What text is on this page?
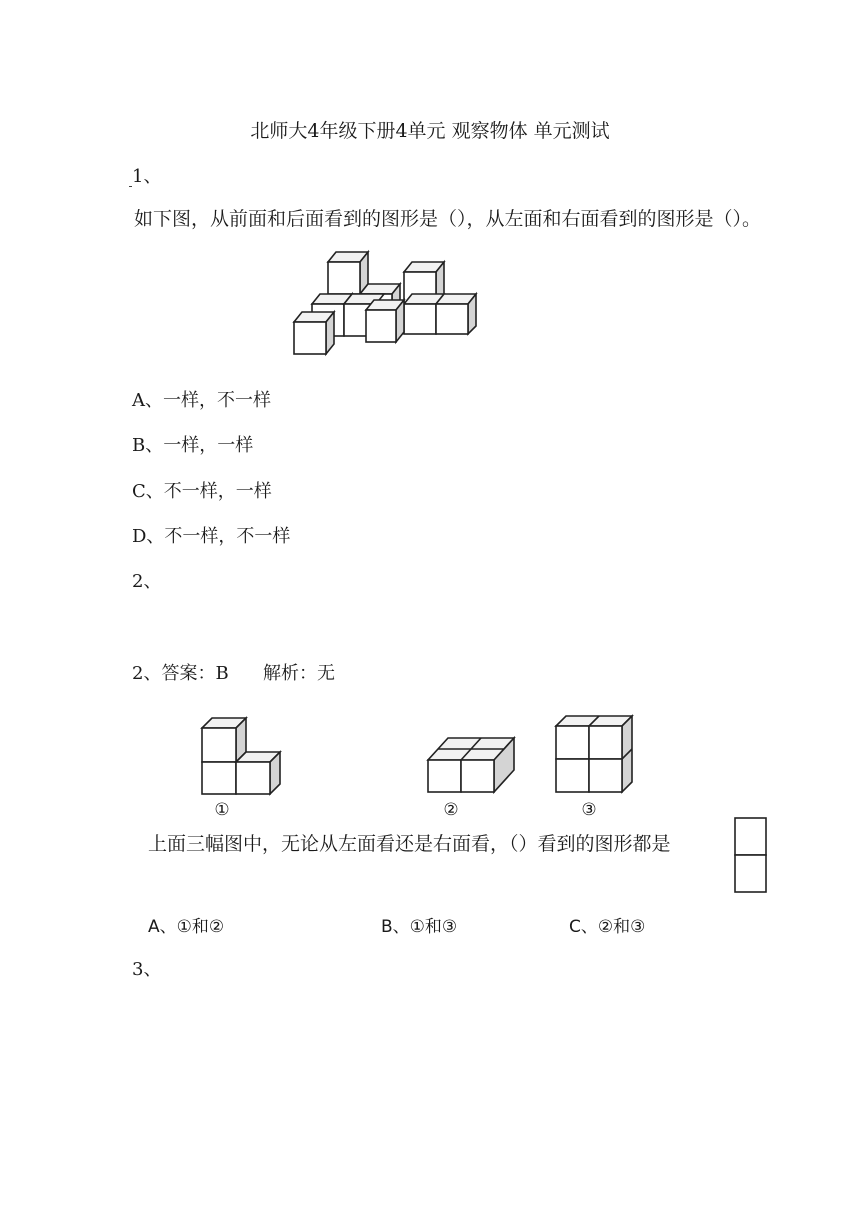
北师大4年级下册4单元 观察物体 单元测试
1、
如下图，从前面和后面看到的图形是（），从左面和右面看到的图形是（）。
A、一样，不一样
B、一样，一样
C、不一样，一样
D、不一样，不一样
2、
2、答案：B      解析：无
①	②	③
上面三幅图中，无论从左面看还是右面看，（）看到的图形都是
A、①和②	B、①和③	C、②和③
3、
